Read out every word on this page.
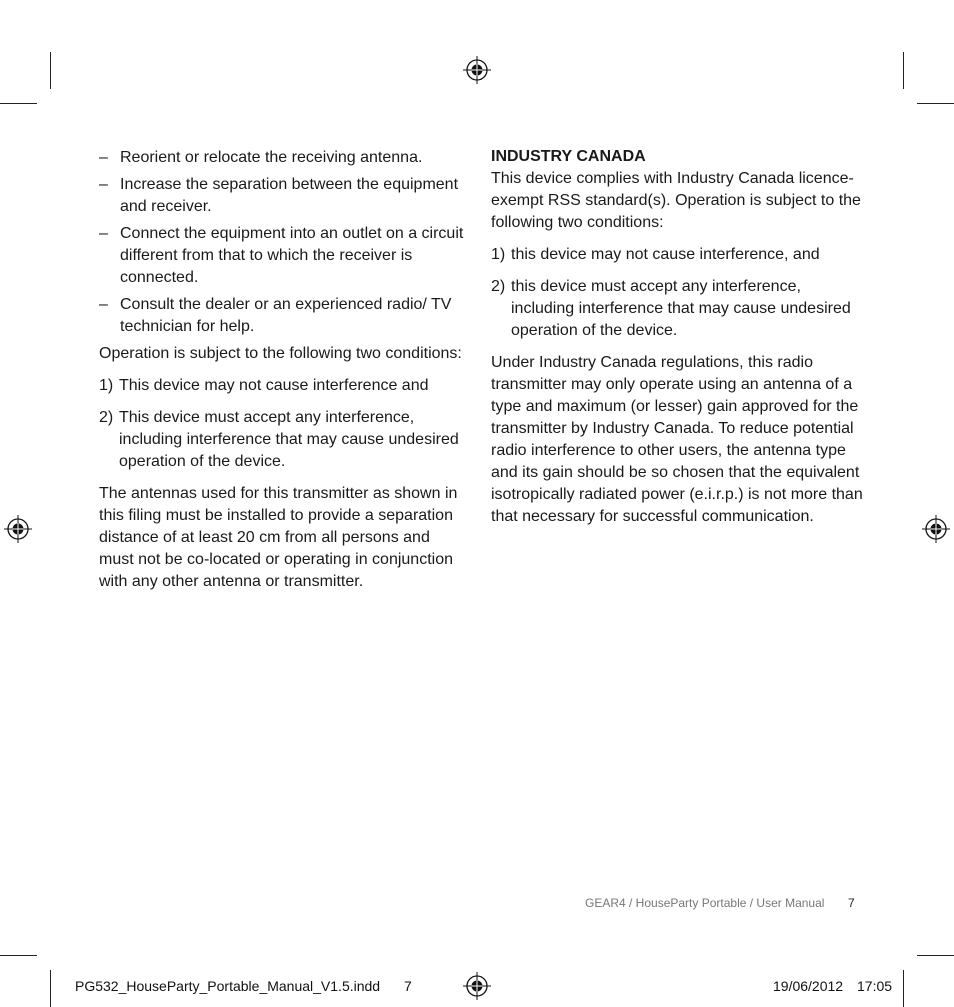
– Reorient or relocate the receiving antenna.
– Increase the separation between the equipment and receiver.
– Connect the equipment into an outlet on a circuit different from that to which the receiver is connected.
– Consult the dealer or an experienced radio/ TV technician for help.

Operation is subject to the following two conditions:

1) This device may not cause interference and
2) This device must accept any interference, including interference that may cause undesired operation of the device.

The antennas used for this transmitter as shown in this filing must be installed to provide a separation distance of at least 20 cm from all persons and must not be co-located or operating in conjunction with any other antenna or transmitter.

INDUSTRY CANADA

This device complies with Industry Canada licence-exempt RSS standard(s). Operation is subject to the following two conditions:

1) this device may not cause interference, and
2) this device must accept any interference, including interference that may cause undesired operation of the device.

Under Industry Canada regulations, this radio transmitter may only operate using an antenna of a type and maximum (or lesser) gain approved for the transmitter by Industry Canada. To reduce potential radio interference to other users, the antenna type and its gain should be so chosen that the equivalent isotropically radiated power (e.i.r.p.) is not more than that necessary for successful communication.

GEAR4 / HouseParty Portable / User Manual 7
PG532_HouseParty_Portable_Manual_V1.5.indd 7	19/06/2012 17:05
